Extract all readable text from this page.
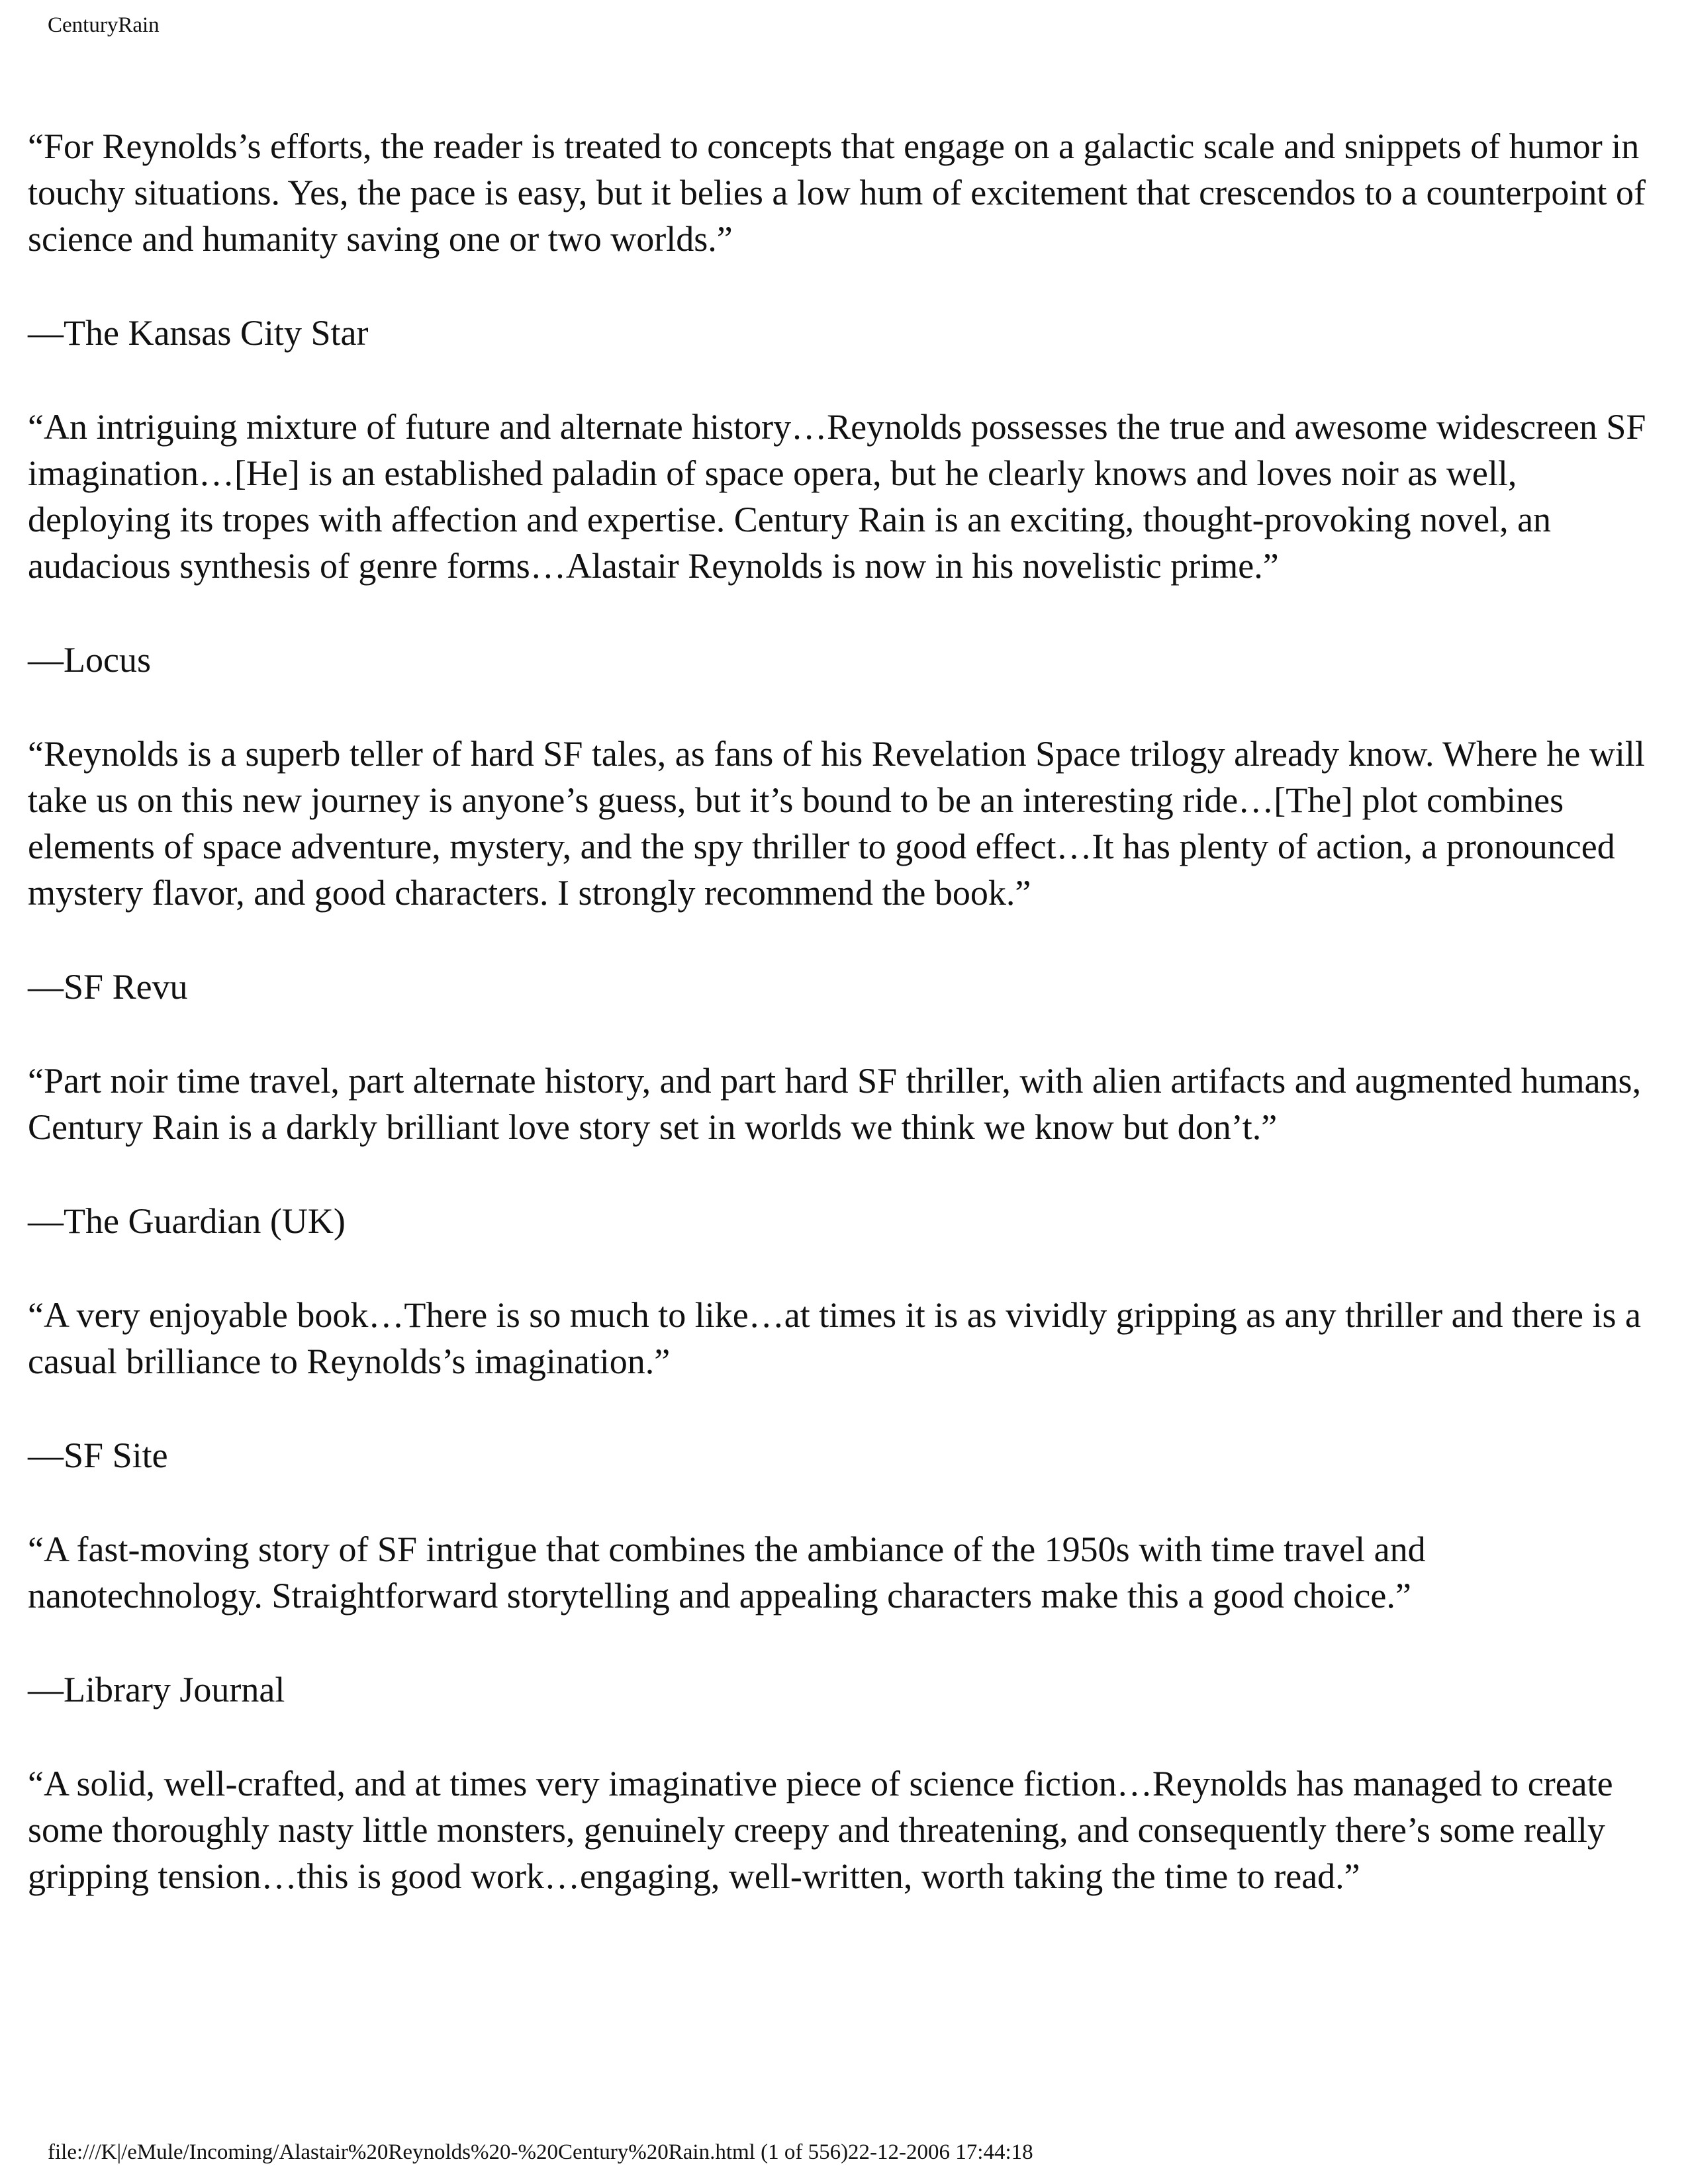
CenturyRain

“For Reynolds’s efforts, the reader is treated to concepts that engage on a galactic scale and snippets of humor in touchy situations. Yes, the pace is easy, but it belies a low hum of excitement that crescendos to a counterpoint of science and humanity saving one or two worlds.”

—The Kansas City Star

“An intriguing mixture of future and alternate history…Reynolds possesses the true and awesome widescreen SF imagination…[He] is an established paladin of space opera, but he clearly knows and loves noir as well, deploying its tropes with affection and expertise. Century Rain is an exciting, thought-provoking novel, an audacious synthesis of genre forms…Alastair Reynolds is now in his novelistic prime.”

—Locus

“Reynolds is a superb teller of hard SF tales, as fans of his Revelation Space trilogy already know. Where he will take us on this new journey is anyone’s guess, but it’s bound to be an interesting ride…[The] plot combines elements of space adventure, mystery, and the spy thriller to good effect…It has plenty of action, a pronounced mystery flavor, and good characters. I strongly recommend the book.”

—SF Revu

“Part noir time travel, part alternate history, and part hard SF thriller, with alien artifacts and augmented humans, Century Rain is a darkly brilliant love story set in worlds we think we know but don’t.”

—The Guardian (UK)

“A very enjoyable book…There is so much to like…at times it is as vividly gripping as any thriller and there is a casual brilliance to Reynolds’s imagination.”

—SF Site

“A fast-moving story of SF intrigue that combines the ambiance of the 1950s with time travel and nanotechnology. Straightforward storytelling and appealing characters make this a good choice.”

—Library Journal

“A solid, well-crafted, and at times very imaginative piece of science fiction…Reynolds has managed to create some thoroughly nasty little monsters, genuinely creepy and threatening, and consequently there’s some really gripping tension…this is good work…engaging, well-written, worth taking the time to read.”

file:///K|/eMule/Incoming/Alastair%20Reynolds%20-%20Century%20Rain.html (1 of 556)22-12-2006 17:44:18
